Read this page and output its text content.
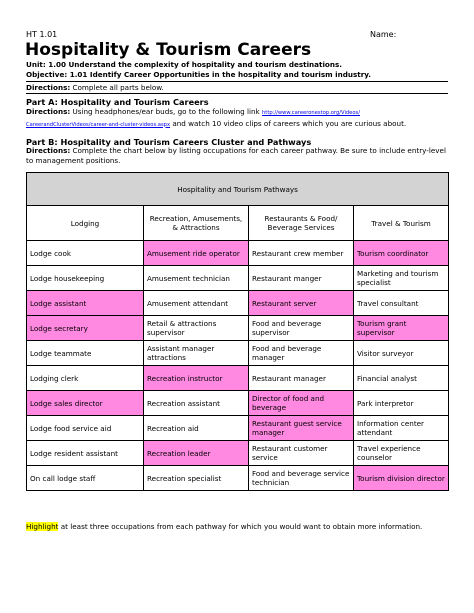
HT 1.01	Name:
Hospitality & Tourism Careers
Unit: 1.00 Understand the complexity of hospitality and tourism destinations.
Objective: 1.01 Identify Career Opportunities in the hospitality and tourism industry.
Directions: Complete all parts below.
Part A: Hospitality and Tourism Careers
Directions: Using headphones/ear buds, go to the following link http://www.careeronestop.org/Videos/
CareerandClusterVideos/career-and-cluster-videos.aspx and watch 10 video clips of careers which you are curious about.
Part B: Hospitality and Tourism Careers Cluster and Pathways
Directions: Complete the chart below by listing occupations for each career pathway. Be sure to include entry-level to management positions.
Hospitality and Tourism Pathways			
Lodging	Recreation, Amusements, & Attractions	Restaurants & Food/ Beverage Services	Travel & Tourism
Lodge cook	Amusement ride operator	Restaurant crew member	Tourism coordinator
Lodge housekeeping	Amusement technician	Restaurant manger	Marketing and tourism specialist
Lodge assistant	Amusement attendant	Restaurant server	Travel consultant
Lodge secretary	Retail & attractions supervisor	Food and beverage supervisor	Tourism grant supervisor
Lodge teammate	Assistant manager attractions	Food and beverage manager	Visitor surveyor
Lodging clerk	Recreation instructor	Restaurant manager	Financial analyst
Lodge sales director	Recreation assistant	Director of food and beverage	Park interpretor
Lodge food service aid	Recreation aid	Restaurant guest service manager	Information center attendant
Lodge resident assistant	Recreation leader	Restaurant customer service	Travel experience counselor
On call lodge staff	Recreation specialist	Food and beverage service technician	Tourism division director
Highlight at least three occupations from each pathway for which you would want to obtain more information.
